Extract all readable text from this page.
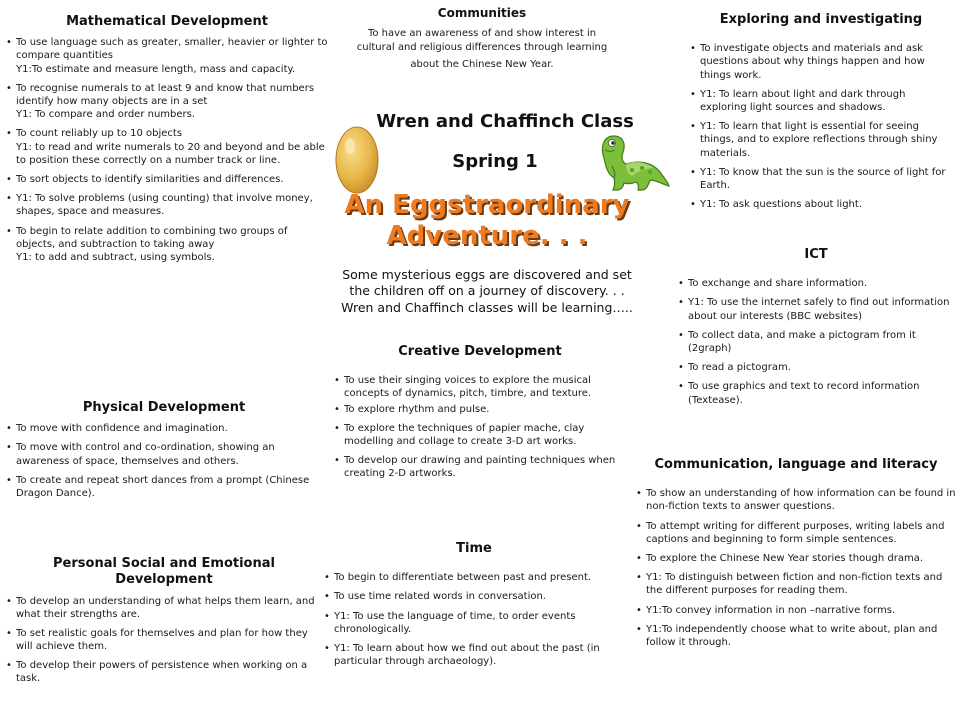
Mathematical Development
• To use language such as greater, smaller, heavier or lighter to compare quantities
Y1:To estimate and measure length, mass and capacity.
• To recognise numerals to at least 9 and know that numbers identify how many objects are in a set
Y1: To compare and order numbers.
• To count reliably up to 10 objects
Y1: to read and write numerals to 20 and beyond and be able to position these correctly on a number track or line.
• To sort objects to identify similarities and differences.
• Y1: To solve problems (using counting) that involve money, shapes, space and measures.
• To begin to relate addition to combining two groups of objects, and subtraction to taking away
Y1: to add and subtract, using symbols.
Physical Development
• To move with confidence and imagination.
• To move with control and co-ordination, showing an awareness of space, themselves and others.
• To create and repeat short dances from a prompt (Chinese Dragon Dance).
Personal Social and Emotional
Development
• To develop an understanding of what helps them learn, and what their strengths are.
• To set realistic goals for themselves and plan for how they will achieve them.
• To develop their powers of persistence when working on a task.
Communities
To have an awareness of and show interest in
cultural and religious differences through learning
about the Chinese New Year.
Wren and Chaffinch Class
Spring 1
An Eggstraordinary
Adventure. . .
Some mysterious eggs are discovered and set
the children off on a journey of discovery. . .
Wren and Chaffinch classes will be learning…..
Creative Development
• To use their singing voices to explore the musical concepts of dynamics, pitch, timbre, and texture.
• To explore rhythm and pulse.
• To explore the techniques of papier mache, clay modelling and collage to create 3-D art works.
• To develop our drawing and painting techniques when creating 2-D artworks.
Time
• To begin to differentiate between past and present.
• To use time related words in conversation.
• Y1: To use the language of time, to order events chronologically.
• Y1: To learn about how we find out about the past (in particular through archaeology).
Exploring and investigating
• To investigate objects and materials and ask questions about why things happen and how things work.
• Y1: To learn about light and dark through exploring light sources and shadows.
• Y1: To learn that light is essential for seeing things, and to explore reflections through shiny materials.
• Y1: To know that the sun is the source of light for Earth.
• Y1: To ask questions about light.
ICT
• To exchange and share information.
• Y1: To use the internet safely to find out information about our interests (BBC websites)
• To collect data, and make a pictogram from it (2graph)
• To read a pictogram.
• To use graphics and text to record information (Textease).
Communication, language and literacy
• To show an understanding of how information can be found in non-fiction texts to answer questions.
• To attempt writing for different purposes, writing labels and captions and beginning to form simple sentences.
• To explore the Chinese New Year stories though drama.
• Y1: To distinguish between fiction and non-fiction texts and the different purposes for reading them.
• Y1:To convey information in non –narrative forms.
• Y1:To independently choose what to write about, plan and follow it through.
